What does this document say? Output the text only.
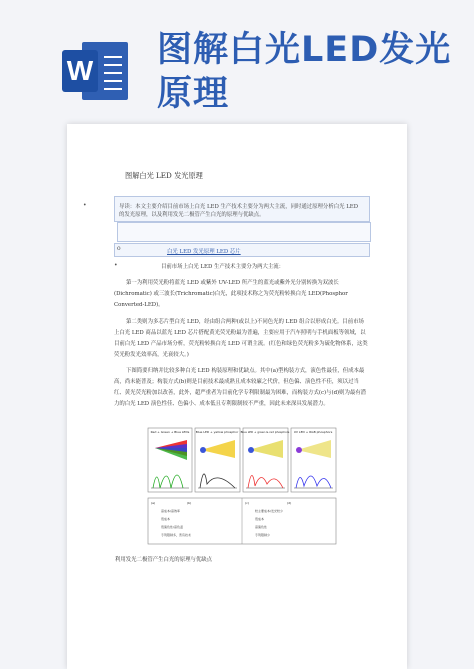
W
图解白光LED发光原理
图解白光 LED 发光原理
•	导读：本文主要介绍目前市场上白光 LED 生产技术主要分为两大主流，同时通过原理分析白光 LED 的发光原理，以及利用发光二极管产生白光的原理与优缺点。
o	白光 LED 发光原理 LED 芯片
•	目前市场上白光 LED 生产技术主要分为两大主流：
第一为利用荧光粉将蓝光 LED 或紫外 UV-LED 所产生的蓝光或紫外光分别转换为双波长(Dichromatic) 或三波长(Trichromatic)白光，此项技术称之为荧光粉转换白光 LED(Phosphor Converted-LED)。
第二类则为多芯片型白光 LED，经由组合两种(或以上)不同色光的 LED 组合以形成白光。目前市场上白光 LED 商品以蓝光 LED 芯片搭配黄光荧光粉最为普遍，主要应用于汽车照明与手机面板等领域，以目前白光 LED 产品市场分析，荧光粉转换白光 LED 可谓主流。(红色和绿色荧光粉多为硫化物体系，这类荧光粉发光效率高，光衰较大。)
下图简要归纳并比较多种白光 LED 构装原理和优缺点。其中(a)型构装方式，演色性最佳，但成本最高，尚未能普及；构装方式(b)则是目前技术最成熟且成本较廉之代价，但色偏、演色性不佳，须以过当红、黄光荧光粉加以改善，此外，超严重者为目前化学专利限制最为困难，而构装方式(c)与(d)则为最有潜力的白光 LED 演色性佳、色偏小、成本低且专利限制较不严重，因此未来深具发展潜力。
Red + Green + Blue LEDs Blue LED + yellow phosphor Blue LED + green & red phosphors UV LED + RGB phosphors
(a)	(b)	(c)	(d)
高成本/高效率
低成本
低演色性/高色温
专利限制多，普有技术
较主要成本/发光较少
低成本
高演色性
专利限制少
利用发光二极管产生白光的原理与优缺点
